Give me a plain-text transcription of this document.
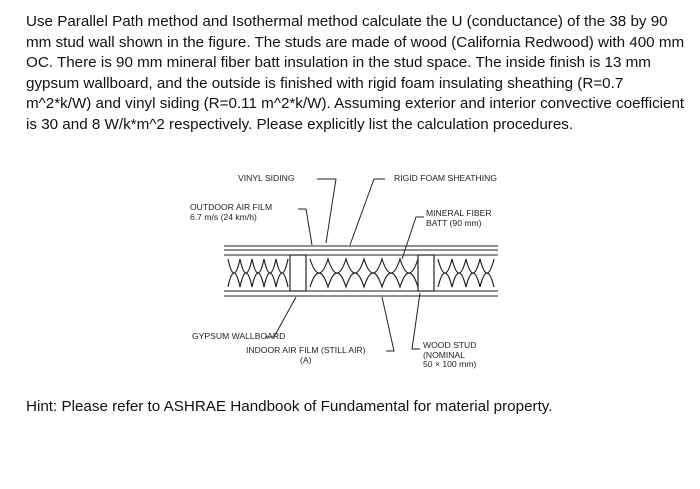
Use Parallel Path method and Isothermal method calculate the U (conductance) of the 38 by 90 mm stud wall shown in the figure. The studs are made of wood (California Redwood) with 400 mm OC. There is 90 mm mineral fiber batt insulation in the stud space. The inside finish is 13 mm gypsum wallboard, and the outside is finished with rigid foam insulating sheathing (R=0.7 m^2*k/W) and vinyl siding (R=0.11 m^2*k/W). Assuming exterior and interior convective coefficient is 30 and 8 W/k*m^2 respectively. Please explicitly list the calculation procedures.

VINYL SIDING	RIGID FOAM SHEATHING
OUTDOOR AIR FILM
6.7 m/s (24 km/h)	MINERAL FIBER
BATT (90 mm)
GYPSUM WALLBOARD
INDOOR AIR FILM (STILL AIR)
(A)
WOOD STUD
(NOMINAL
50 × 100 mm)

Hint: Please refer to ASHRAE Handbook of Fundamental for material property.
